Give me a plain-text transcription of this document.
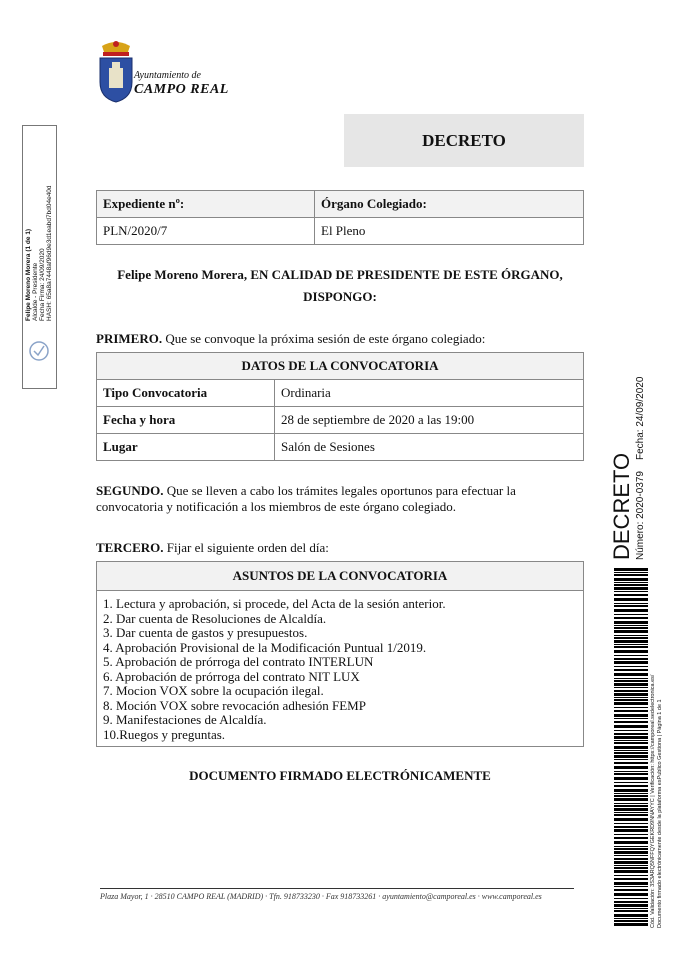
Ayuntamiento de
CAMPO REAL
DECRETO
Expediente nº:	Órgano Colegiado:
PLN/2020/7	El Pleno
Felipe Moreno Morera, EN CALIDAD DE PRESIDENTE DE ESTE ÓRGANO,
DISPONGO:
PRIMERO. Que se convoque la próxima sesión de este órgano colegiado:
DATOS DE LA CONVOCATORIA	
Tipo Convocatoria	Ordinaria
Fecha y hora	28 de septiembre de 2020 a las 19:00
Lugar	Salón de Sesiones
SEGUNDO. Que se lleven a cabo los trámites legales oportunos para efectuar la convocatoria y notificación a los miembros de este órgano colegiado.
TERCERO. Fijar el siguiente orden del día:
ASUNTOS DE LA CONVOCATORIA
1. Lectura y aprobación, si procede, del Acta de la sesión anterior.
2. Dar cuenta de Resoluciones de Alcaldía.
3. Dar cuenta de gastos y presupuestos.
4. Aprobación Provisional de la Modificación Puntual 1/2019.
5. Aprobación de prórroga del contrato INTERLUN
6. Aprobación de prórroga del contrato NIT LUX
7. Mocion VOX sobre la ocupación ilegal.
8. Moción VOX sobre revocación adhesión FEMP
9. Manifestaciones de Alcaldía.
10.Ruegos y preguntas.
DOCUMENTO FIRMADO ELECTRÓNICAMENTE
Plaza Mayor, 1 · 28510 CAMPO REAL (MADRID) · Tfn. 918733230 · Fax 918733261 · ayuntamiento@camporeal.es · www.camporeal.es
Felipe Moreno Morera (1 de 1) Alcalde - Presidente Fecha Firma: 24/09/2020 HASH: 65a8a7448af96d9e3d1eabd7bd04e40d
DECRETO Número: 2020-0379
Fecha: 24/09/2020
Cód. Validación: 3S3ARQ5NFFQYGEKRD9NNAYYC | Verificación: https://camporeal.sedelectronica.es/ Documento firmado electrónicamente desde la plataforma esPublico Gestiona | Página 1 de 1
